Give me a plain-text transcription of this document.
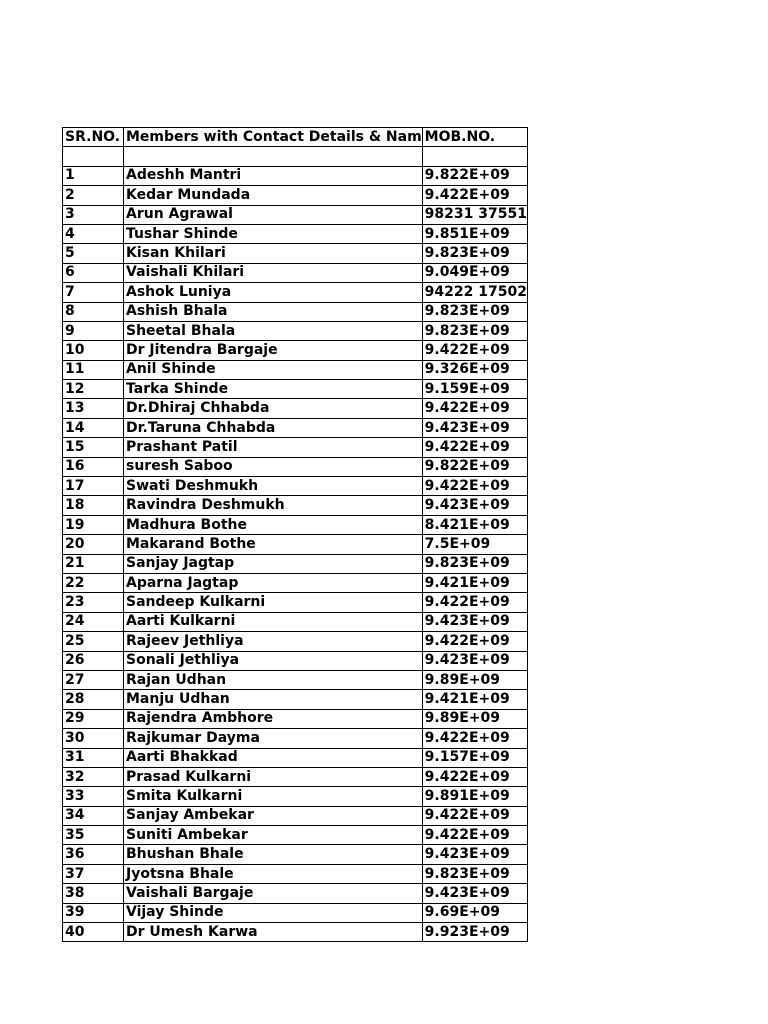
SR.NO.	Members with Contact Details & Nam	MOB.NO.

1	Adeshh Mantri	9.822E+09
2	Kedar Mundada	9.422E+09
3	Arun Agrawal	98231 37551
4	Tushar Shinde	9.851E+09
5	Kisan Khilari	9.823E+09
6	Vaishali Khilari	9.049E+09
7	Ashok Luniya	94222 17502
8	Ashish Bhala	9.823E+09
9	Sheetal Bhala	9.823E+09
10	Dr Jitendra Bargaje	9.422E+09
11	Anil Shinde	9.326E+09
12	Tarka Shinde	9.159E+09
13	Dr.Dhiraj Chhabda	9.422E+09
14	Dr.Taruna Chhabda	9.423E+09
15	Prashant Patil	9.422E+09
16	suresh Saboo	9.822E+09
17	Swati Deshmukh	9.422E+09
18	Ravindra Deshmukh	9.423E+09
19	Madhura Bothe	8.421E+09
20	Makarand Bothe	7.5E+09
21	Sanjay Jagtap	9.823E+09
22	Aparna Jagtap	9.421E+09
23	Sandeep Kulkarni	9.422E+09
24	Aarti Kulkarni	9.423E+09
25	Rajeev Jethliya	9.422E+09
26	Sonali Jethliya	9.423E+09
27	Rajan Udhan	9.89E+09
28	Manju Udhan	9.421E+09
29	Rajendra Ambhore	9.89E+09
30	Rajkumar Dayma	9.422E+09
31	Aarti Bhakkad	9.157E+09
32	Prasad Kulkarni	9.422E+09
33	Smita Kulkarni	9.891E+09
34	Sanjay Ambekar	9.422E+09
35	Suniti Ambekar	9.422E+09
36	Bhushan Bhale	9.423E+09
37	Jyotsna Bhale	9.823E+09
38	Vaishali Bargaje	9.423E+09
39	Vijay Shinde	9.69E+09
40	Dr Umesh Karwa	9.923E+09
